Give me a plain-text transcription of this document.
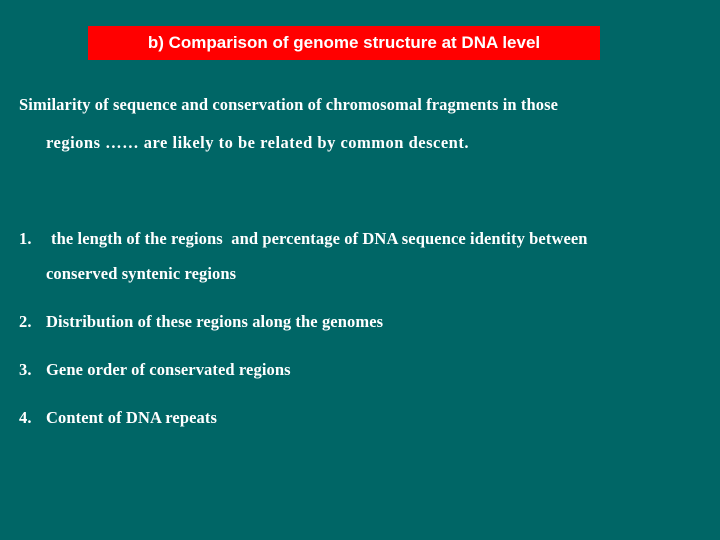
b) Comparison of genome structure at DNA level
Similarity of sequence and conservation of chromosomal fragments in those
regions …… are likely to be related by common descent.
1. the length of the regions  and percentage of DNA sequence identity between
conserved syntenic regions
2. Distribution of these regions along the genomes
3. Gene order of conservated regions
4. Content of DNA repeats
